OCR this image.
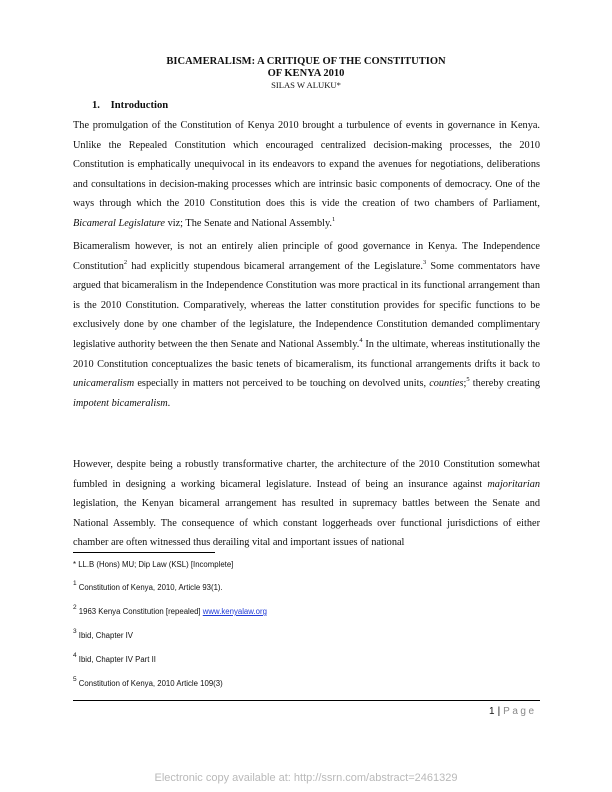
BICAMERALISM: A CRITIQUE OF THE CONSTITUTION
OF KENYA 2010
SILAS W ALUKU*
1. Introduction

The promulgation of the Constitution of Kenya 2010 brought a turbulence of events in governance in Kenya. Unlike the Repealed Constitution which encouraged centralized decision-making processes, the 2010 Constitution is emphatically unequivocal in its endeavors to expand the avenues for negotiations, deliberations and consultations in decision-making processes which are intrinsic basic components of democracy. One of the ways through which the 2010 Constitution does this is vide the creation of two chambers of Parliament, Bicameral Legislature viz; The Senate and National Assembly.$^1$

Bicameralism however, is not an entirely alien principle of good governance in Kenya. The Independence Constitution$^2$ had explicitly stupendous bicameral arrangement of the Legislature.$^3$ Some commentators have argued that bicameralism in the Independence Constitution was more practical in its functional arrangement than is the 2010 Constitution. Comparatively, whereas the latter constitution provides for specific functions to be exclusively done by one chamber of the legislature, the Independence Constitution demanded complimentary legislative authority between the then Senate and National Assembly.$^4$ In the ultimate, whereas institutionally the 2010 Constitution conceptualizes the basic tenets of bicameralism, its functional arrangements drifts it back to unicameralism especially in matters not perceived to be touching on devolved units, counties;$^5$ thereby creating impotent bicameralism.

However, despite being a robustly transformative charter, the architecture of the 2010 Constitution somewhat fumbled in designing a working bicameral legislature. Instead of being an insurance against majoritarian legislation, the Kenyan bicameral arrangement has resulted in supremacy battles between the Senate and National Assembly. The consequence of which constant loggerheads over functional jurisdictions of either chamber are often witnessed thus derailing vital and important issues of national

* LL.B (Hons) MU; Dip Law (KSL) [Incomplete]
$^1$ Constitution of Kenya, 2010, Article 93(1).
$^2$ 1963 Kenya Constitution [repealed] www.kenyalaw.org
$^3$ Ibid, Chapter IV
$^4$ Ibid, Chapter IV Part II
$^5$ Constitution of Kenya, 2010 Article 109(3)
1 | Page
Electronic copy available at: http://ssrn.com/abstract=2461329
